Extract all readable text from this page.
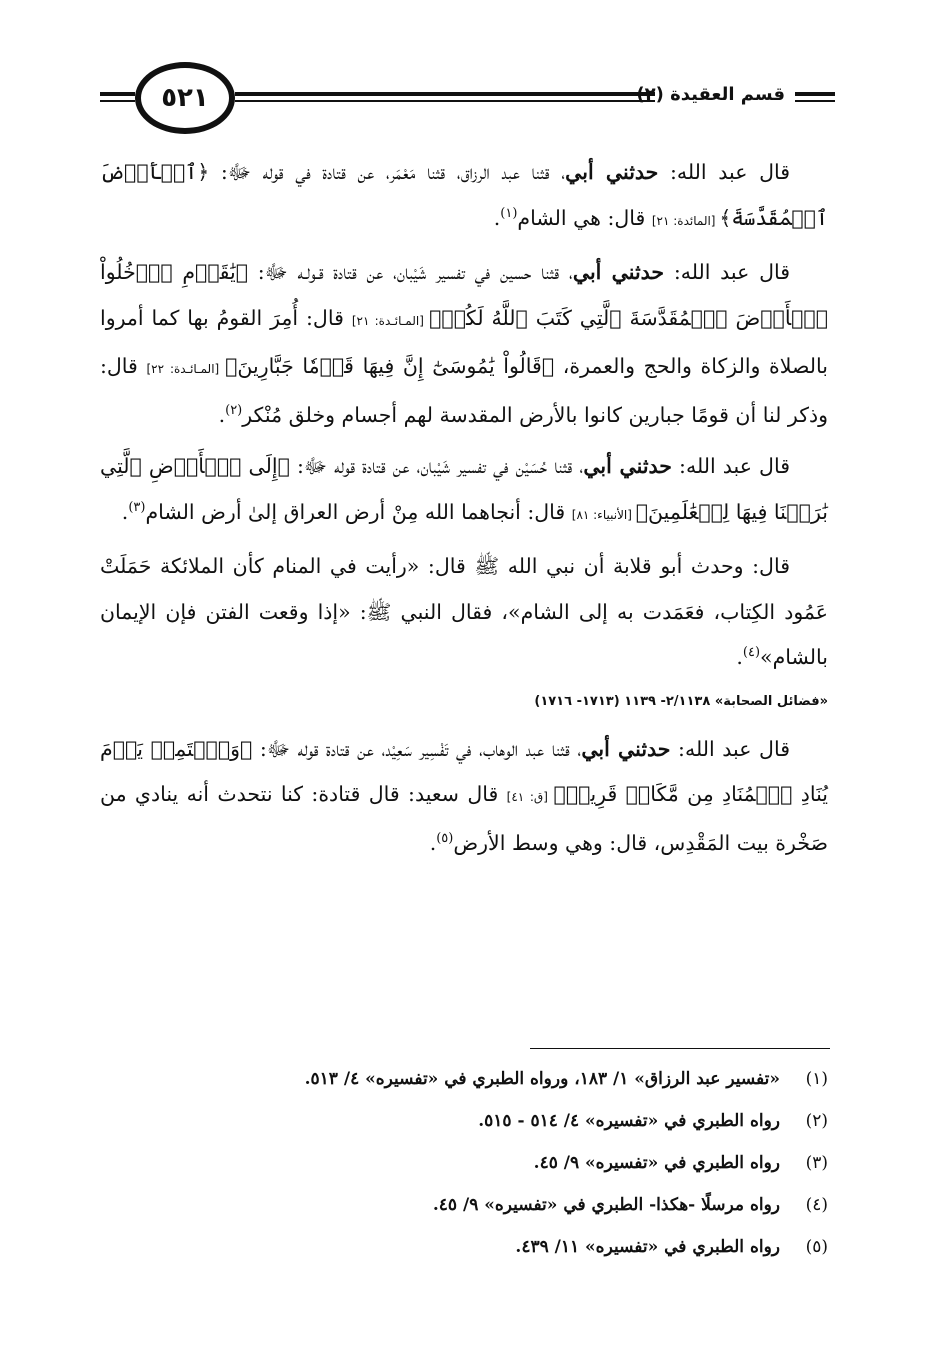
٥٢١	قسم العقيدة (٢)

قال عبد الله: حدثني أبي، قثنا عبد الرزاق، قثنا مَعْمَر، عن قتادة في قوله ﷻ: ﴿ٱلۡأَرۡضَ ٱلۡمُقَدَّسَةَ﴾ [المائدة: ٢١] قال: هي الشام$^{(١)}$.

قال عبد الله: حدثني أبي، قثنا حسين في تفسير شَيْبان، عن قتادة قـولـه ﷻ: ﴿يَٰقَوۡمِ ٱدۡخُلُواْ ٱلۡأَرۡضَ ٱلۡمُقَدَّسَةَ ٱلَّتِي كَتَبَ ٱللَّهُ لَكُمۡ﴾ [المـائـدة: ٢١] قال: أُمِرَ القومُ بها كما أمروا بالصلاة والزكاة والحج والعمرة، ﴿قَالُواْ يَٰمُوسَىٰٓ إِنَّ فِيهَا قَوۡمٗا جَبَّارِينَ﴾ [المـائـدة: ٢٢] قال: وذكر لنا أن قومًا جبارين كانوا بالأرض المقدسة لهم أجسام وخلق مُنْكر$^{(٢)}$.

قال عبد الله: حدثني أبي، قثنا حُسَيْن في تفسير شَيْبان، عن قتادة قوله ﷻ: ﴿إِلَى ٱلۡأَرۡضِ ٱلَّتِي بَٰرَكۡنَا فِيهَا لِلۡعَٰلَمِينَ﴾ [الأنبياء: ٨١] قال: أنجاهما الله مِنْ أرض العراق إلىٰ أرض الشام$^{(٣)}$.

قال: وحدث أبو قلابة أن نبي الله ﷺ قال: «رأيت في المنام كأن الملائكة حَمَلَتْ عَمُود الكِتاب، فعَمَدت به إلى الشام»، فقال النبي ﷺ: «إذا وقعت الفتن فإن الإيمان بالشام»$^{(٤)}$.

«فضائل الصحابة» ٢/١١٣٨- ١١٣٩ (١٧١٣- ١٧١٦)

قال عبد الله: حدثني أبي، قثنا عبد الوهاب، في تَفْسِير سَعِيْد، عن قتادة قوله ﷻ: ﴿وَٱسۡتَمِعۡ يَوۡمَ يُنَادِ ٱلۡمُنَادِ مِن مَّكَانٖ قَرِيبٖ﴾ [ق: ٤١] قال سعيد: قال قتادة: كنا نتحدث أنه ينادي من صَخْرة بيت المَقْدِس، قال: وهي وسط الأرض$^{(٥)}$.

(١)«تفسير عبد الرزاق» ١/ ١٨٣، ورواه الطبري في «تفسيره» ٤/ ٥١٣.
(٢)رواه الطبري في «تفسيره» ٤/ ٥١٤ - ٥١٥.
(٣)رواه الطبري في «تفسيره» ٩/ ٤٥.
(٤)رواه مرسلًا -هكذا- الطبري في «تفسيره» ٩/ ٤٥.
(٥)رواه الطبري في «تفسيره» ١١/ ٤٣٩.
